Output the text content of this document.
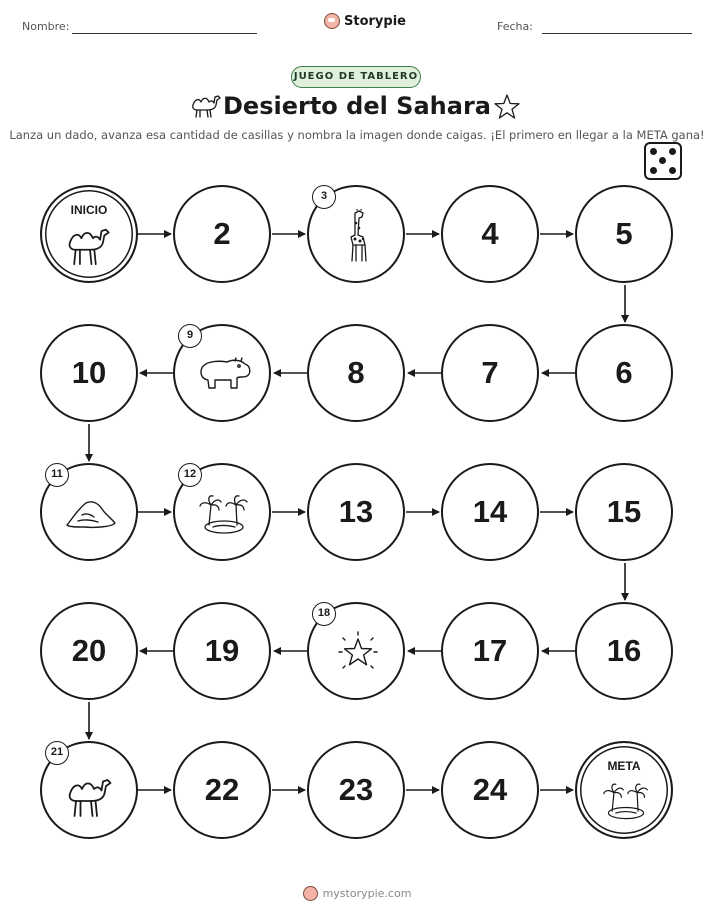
Nombre:	Storypie	Fecha:
JUEGO DE TABLERO
Desierto del Sahara
Lanza un dado, avanza esa cantidad de casillas y nombra la imagen donde caigas. ¡El primero en llegar a la META gana!
INICIO
2
3
4	5
10
9
8	7	6
11	12
13	14	15
20	19
18
17	16
21
22	23	24
META
mystorypie.com
